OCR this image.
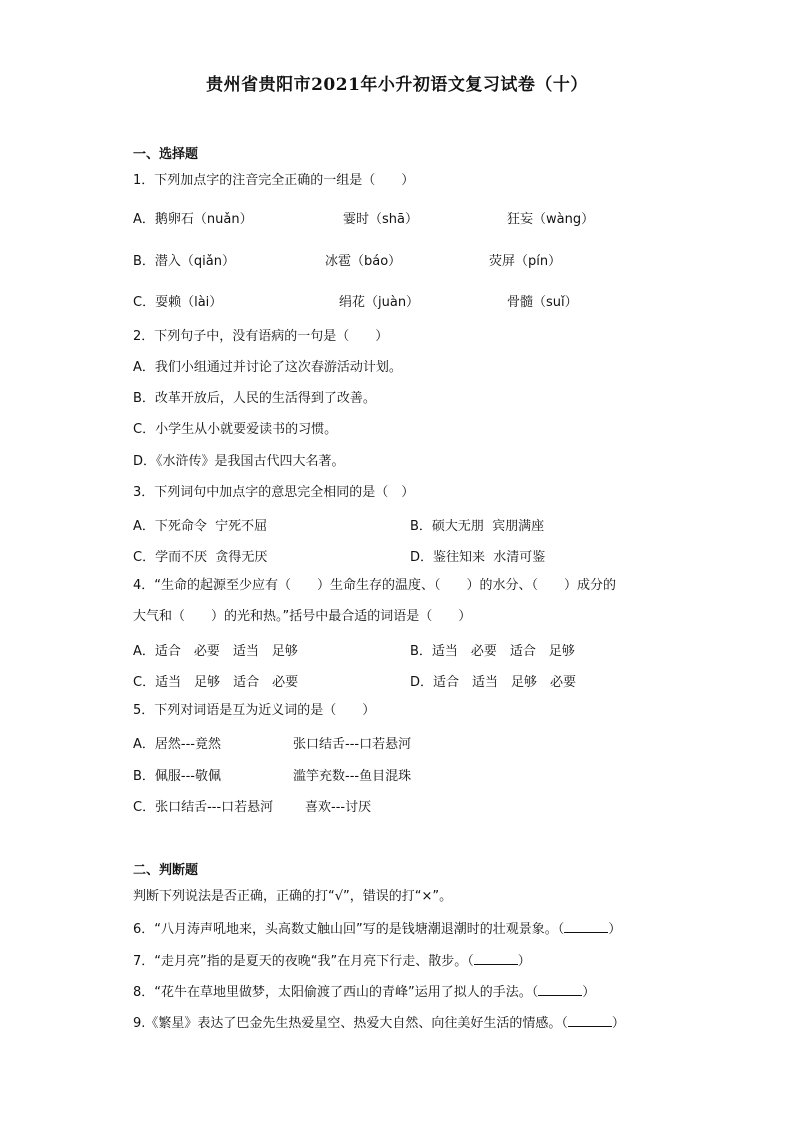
贵州省贵阳市2021年小升初语文复习试卷（十）
一、选择题
1．下列加点字的注音完全正确的一组是（　　）
A．鹅卵石（nuǎn）	霎时（shā）	狂妄（wàng）
B．潜入（qiǎn）	冰雹（báo）	荧屏（pín）
C．耍赖（lài）	绢花（juàn）	骨髓（suǐ）
2．下列句子中，没有语病的一句是（　　）
A．我们小组通过并讨论了这次春游活动计划。
B．改革开放后，人民的生活得到了改善。
C．小学生从小就要爱读书的习惯。
D．《水浒传》是我国古代四大名著。
3．下列词句中加点字的意思完全相同的是（　）
A．下死命令  宁死不屈	B．硕大无朋  宾朋满座
C．学而不厌  贪得无厌	D．鉴往知来  水清可鉴
4．“生命的起源至少应有（　　）生命生存的温度、（　　）的水分、（　　）成分的
大气和（　　）的光和热。”括号中最合适的词语是（　　）
A．适合　必要　适当　足够	B．适当　必要　适合　足够
C．适当　足够　适合　必要	D．适合　适当　足够　必要
5．下列对词语是互为近义词的是（　　）
A．居然---竟然	张口结舌---口若悬河
B．佩服---敬佩	滥竽充数---鱼目混珠
C．张口结舌---口若悬河 喜欢---讨厌
二、判断题
判断下列说法是否正确，正确的打“√”，错误的打“×”。
6．“八月涛声吼地来，头高数丈触山回”写的是钱塘潮退潮时的壮观景象。（	）
7．“走月亮”指的是夏天的夜晚“我”在月亮下行走、散步。（	）
8．“花牛在草地里做梦，太阳偷渡了西山的青峰”运用了拟人的手法。（	）
9.《繁星》表达了巴金先生热爱星空、热爱大自然、向往美好生活的情感。（	）
